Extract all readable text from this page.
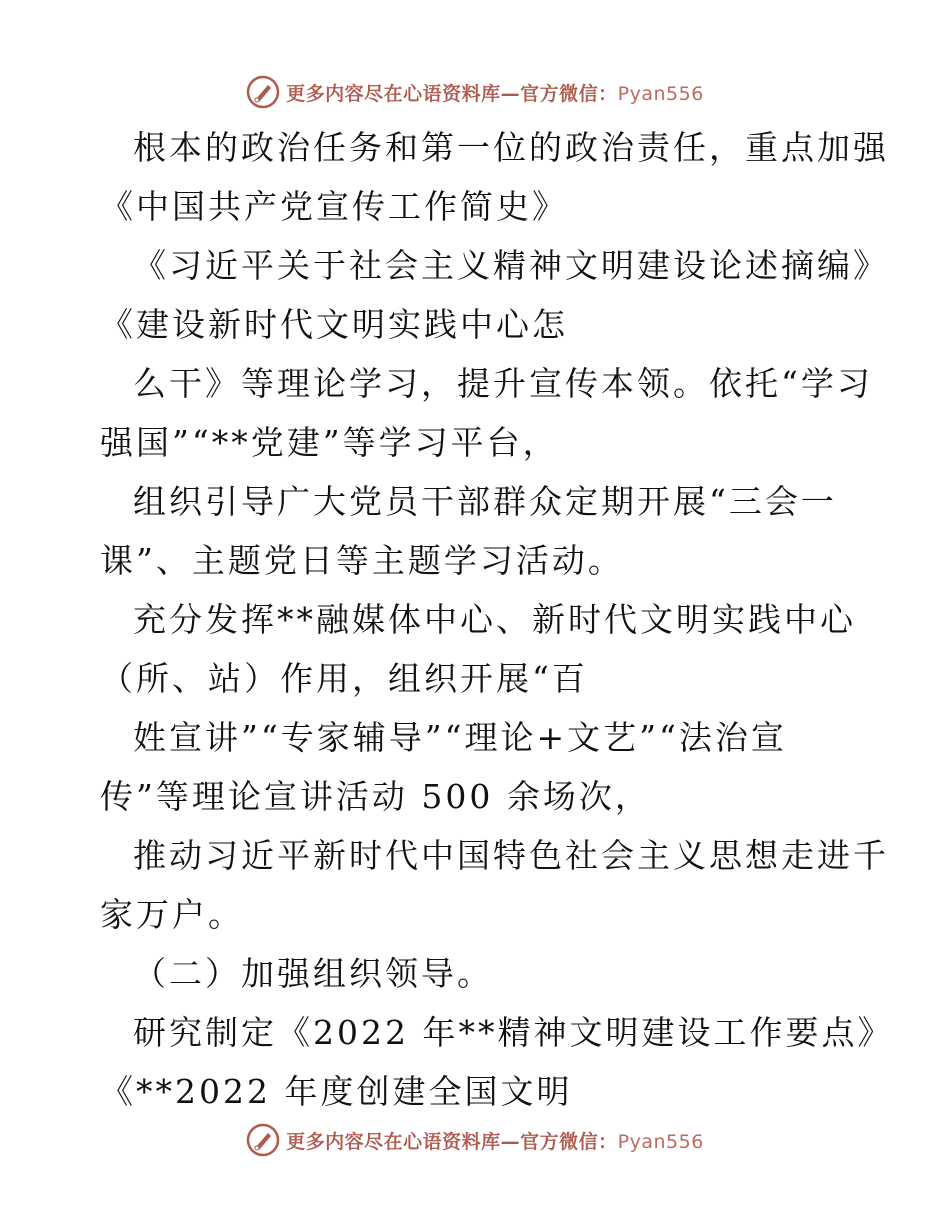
更多内容尽在心语资料库—官方微信：Pyan556
根本的政治任务和第一位的政治责任，重点加强
《中国共产党宣传工作简史》
《习近平关于社会主义精神文明建设论述摘编》
《建设新时代文明实践中心怎
么干》等理论学习，提升宣传本领。依托“学习
强国”“**党建”等学习平台，
组织引导广大党员干部群众定期开展“三会一
课”、主题党日等主题学习活动。
充分发挥**融媒体中心、新时代文明实践中心
（所、站）作用，组织开展“百
姓宣讲”“专家辅导”“理论+文艺”“法治宣
传”等理论宣讲活动 500 余场次，
推动习近平新时代中国特色社会主义思想走进千
家万户。
（二）加强组织领导。
研究制定《2022 年**精神文明建设工作要点》
《**2022 年度创建全国文明
更多内容尽在心语资料库—官方微信：Pyan556
